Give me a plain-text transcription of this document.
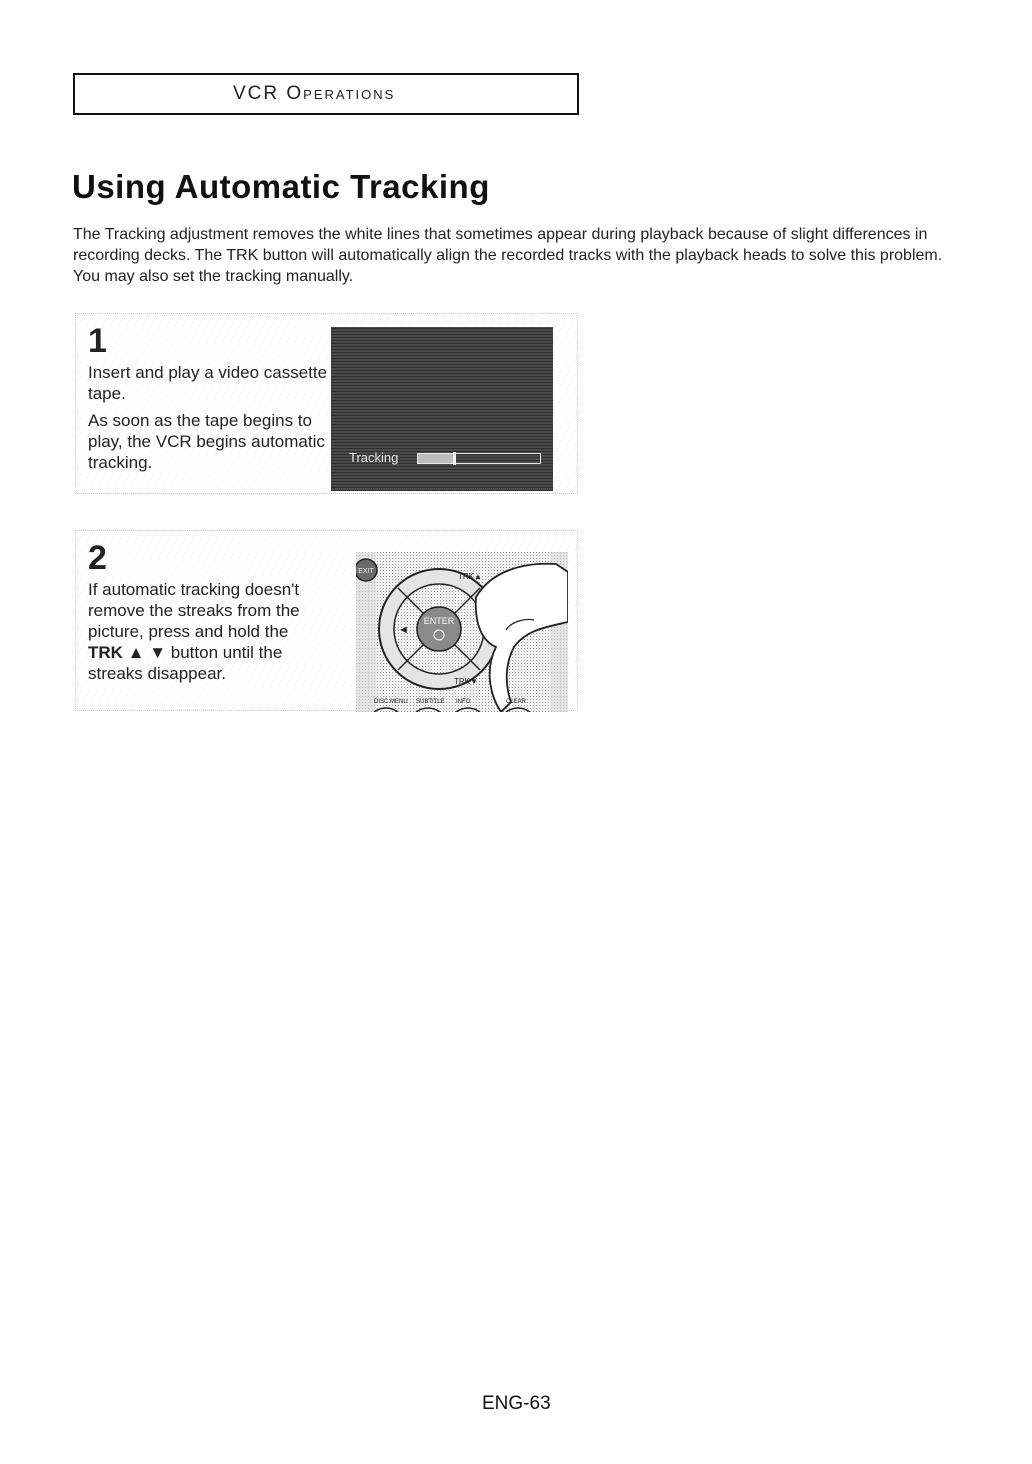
VCR Operations
Using Automatic Tracking

The Tracking adjustment removes the white lines that sometimes appear during playback because of slight differences in recording decks. The TRK button will automatically align the recorded tracks with the playback heads to solve this problem. You may also set the tracking manually.

1

Insert and play a video cassette tape.

As soon as the tape begins to play, the VCR begins automatic tracking.	Tracking
2

If automatic tracking doesn't remove the streaks from the picture, press and hold the TRK ▲ ▼ button until the streaks disappear.

EXIT
ENTER
TRK▲
TRK▼
◄
DISC MENU SUBTITLE INFO	CLEAR
ENG-63
